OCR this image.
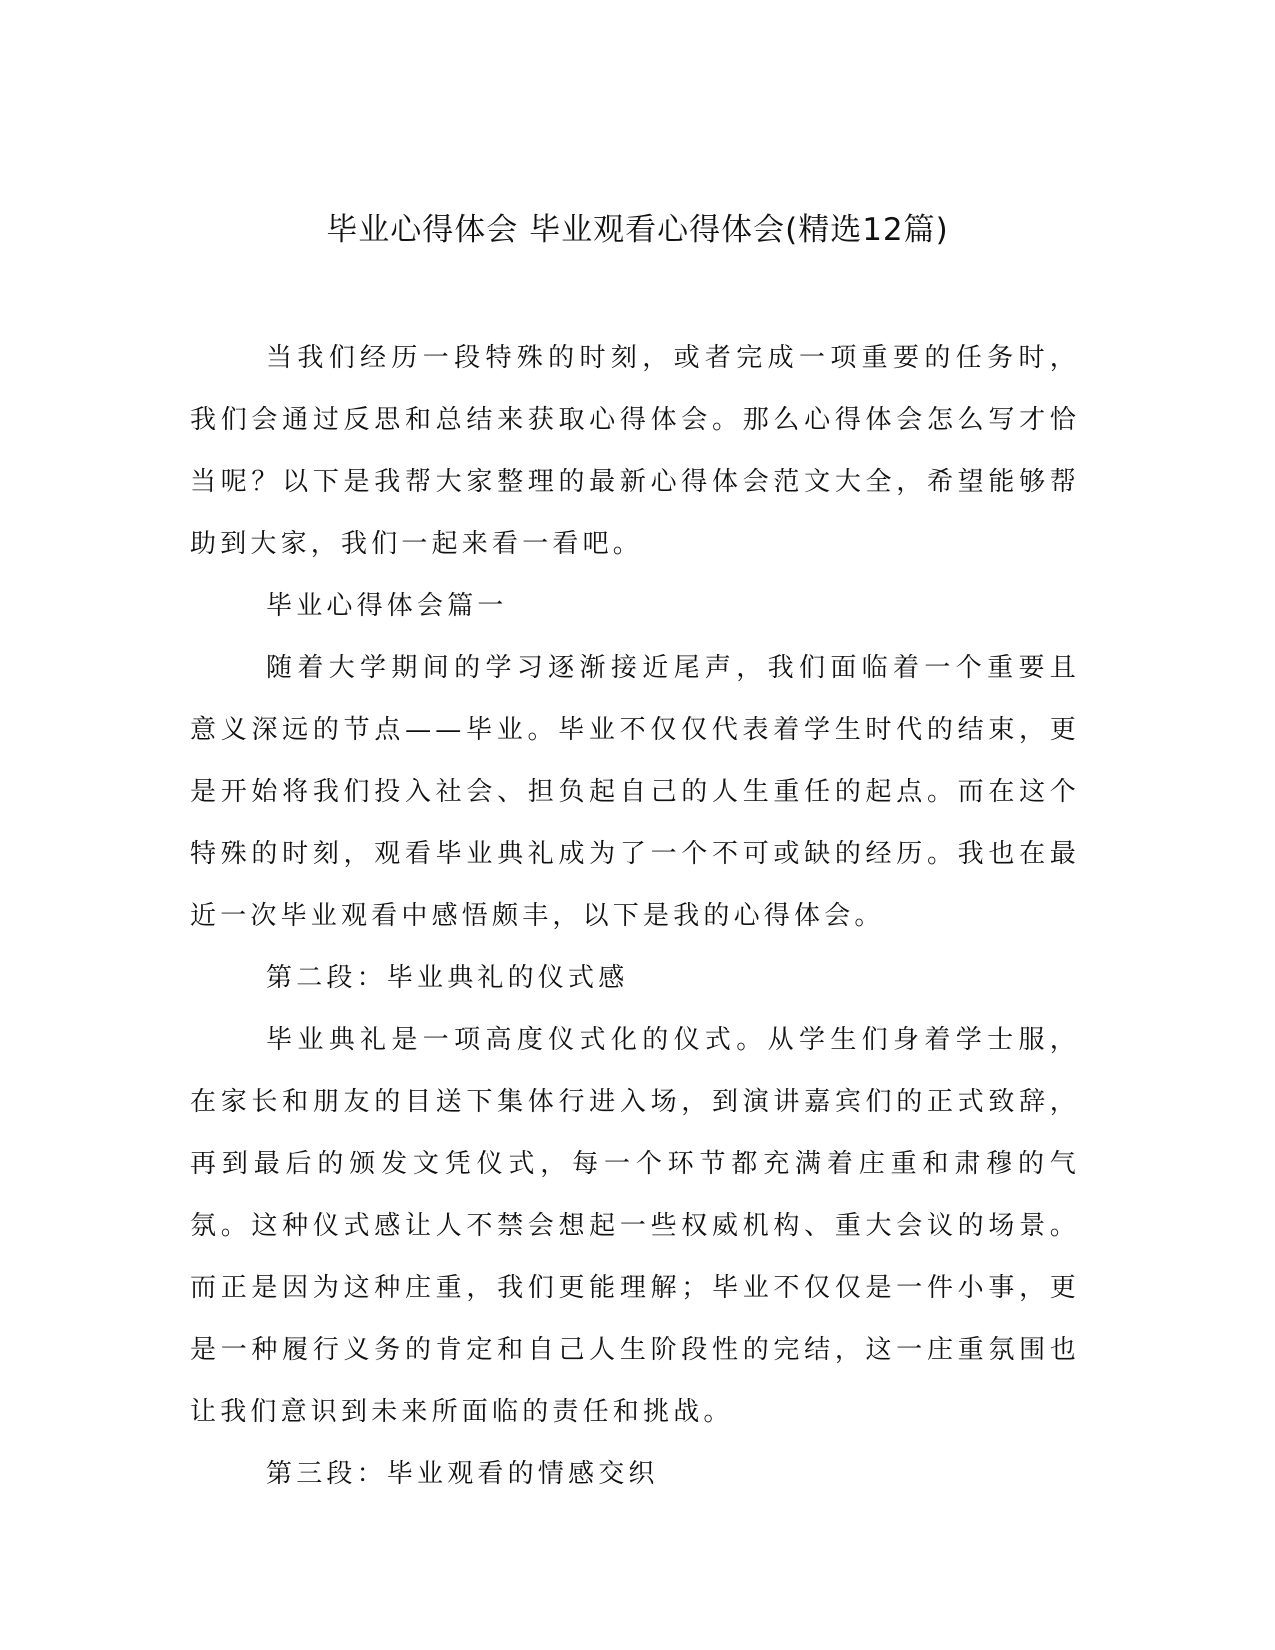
毕业心得体会 毕业观看心得体会(精选12篇)

当我们经历一段特殊的时刻，或者完成一项重要的任务时，我们会通过反思和总结来获取心得体会。那么心得体会怎么写才恰当呢？以下是我帮大家整理的最新心得体会范文大全，希望能够帮助到大家，我们一起来看一看吧。

毕业心得体会篇一

随着大学期间的学习逐渐接近尾声，我们面临着一个重要且意义深远的节点——毕业。毕业不仅仅代表着学生时代的结束，更是开始将我们投入社会、担负起自己的人生重任的起点。而在这个特殊的时刻，观看毕业典礼成为了一个不可或缺的经历。我也在最近一次毕业观看中感悟颇丰，以下是我的心得体会。

第二段：毕业典礼的仪式感

毕业典礼是一项高度仪式化的仪式。从学生们身着学士服，在家长和朋友的目送下集体行进入场，到演讲嘉宾们的正式致辞，再到最后的颁发文凭仪式，每一个环节都充满着庄重和肃穆的气氛。这种仪式感让人不禁会想起一些权威机构、重大会议的场景。而正是因为这种庄重，我们更能理解；毕业不仅仅是一件小事，更是一种履行义务的肯定和自己人生阶段性的完结，这一庄重氛围也让我们意识到未来所面临的责任和挑战。

第三段：毕业观看的情感交织
